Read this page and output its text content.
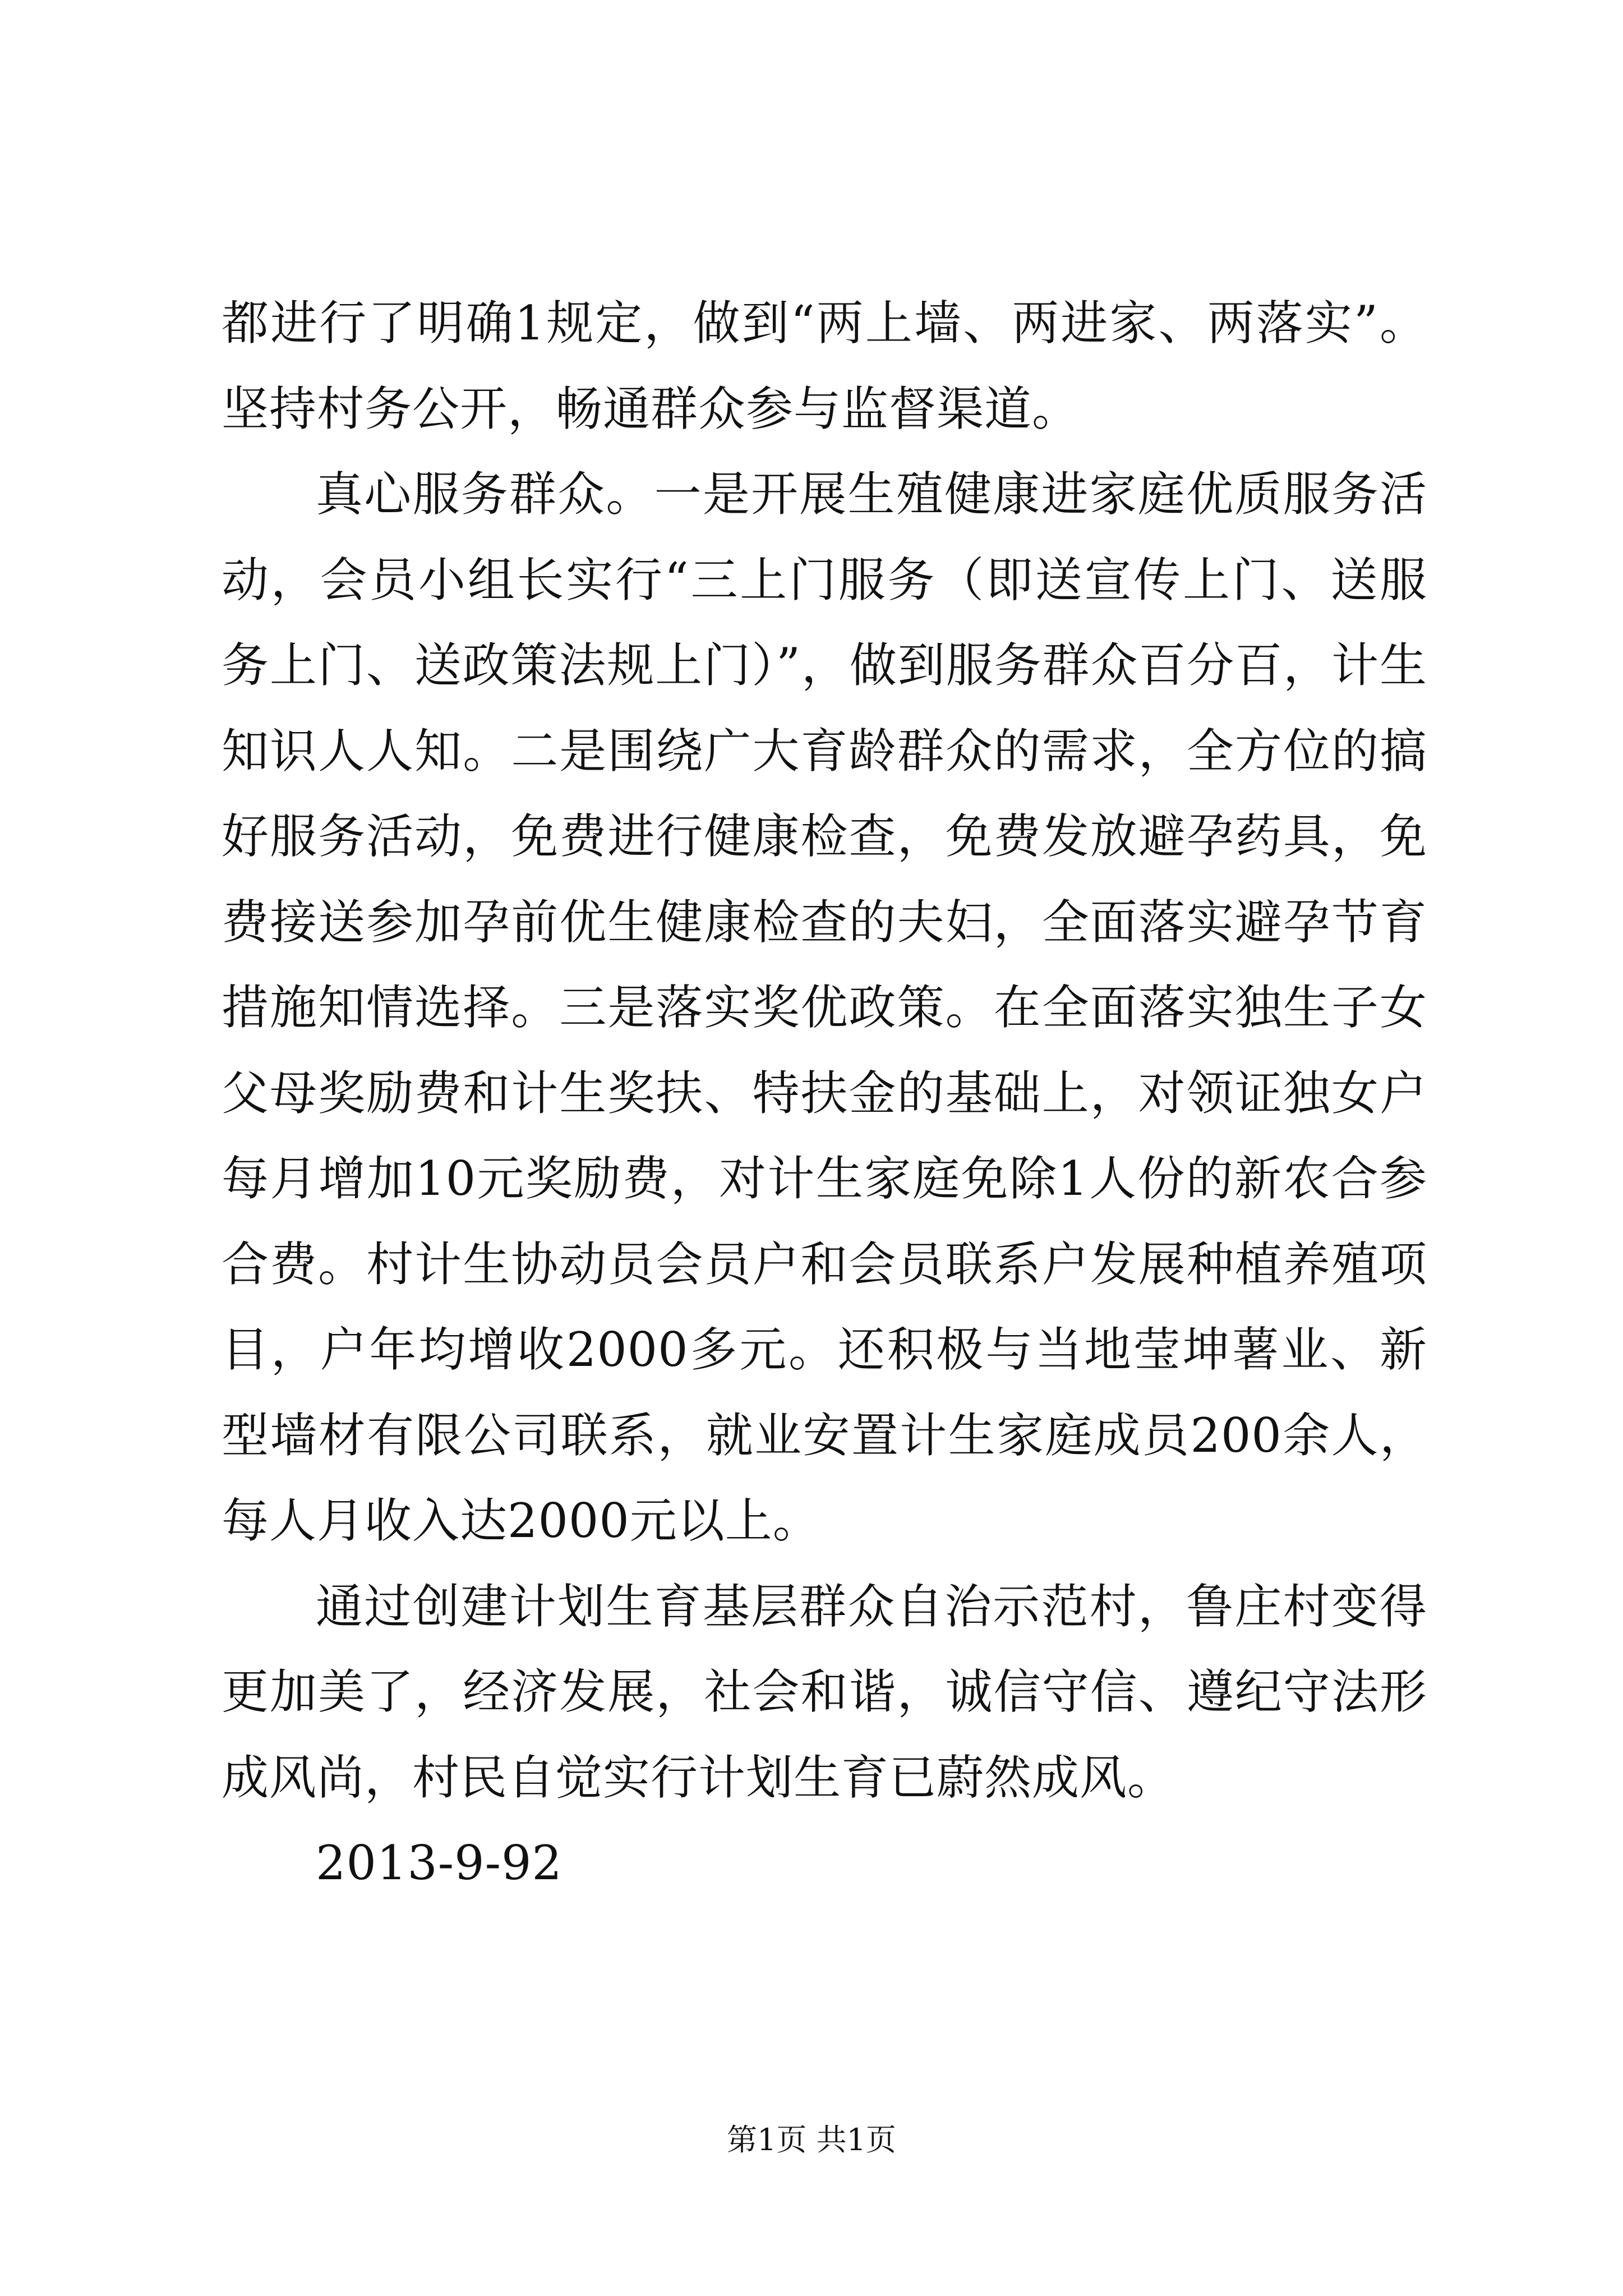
都进行了明确1规定，做到“两上墙、两进家、两落实”。坚持村务公开，畅通群众参与监督渠道。

真心服务群众。一是开展生殖健康进家庭优质服务活动，会员小组长实行“三上门服务（即送宣传上门、送服务上门、送政策法规上门）”，做到服务群众百分百，计生知识人人知。二是围绕广大育龄群众的需求，全方位的搞好服务活动，免费进行健康检查，免费发放避孕药具，免费接送参加孕前优生健康检查的夫妇，全面落实避孕节育措施知情选择。三是落实奖优政策。在全面落实独生子女父母奖励费和计生奖扶、特扶金的基础上，对领证独女户每月增加10元奖励费，对计生家庭免除1人份的新农合参合费。村计生协动员会员户和会员联系户发展种植养殖项目，户年均增收2000多元。还积极与当地莹坤薯业、新型墙材有限公司联系，就业安置计生家庭成员200余人，每人月收入达2000元以上。

通过创建计划生育基层群众自治示范村，鲁庄村变得更加美了，经济发展，社会和谐，诚信守信、遵纪守法形成风尚，村民自觉实行计划生育已蔚然成风。

2013-9-92

第1页 共1页
